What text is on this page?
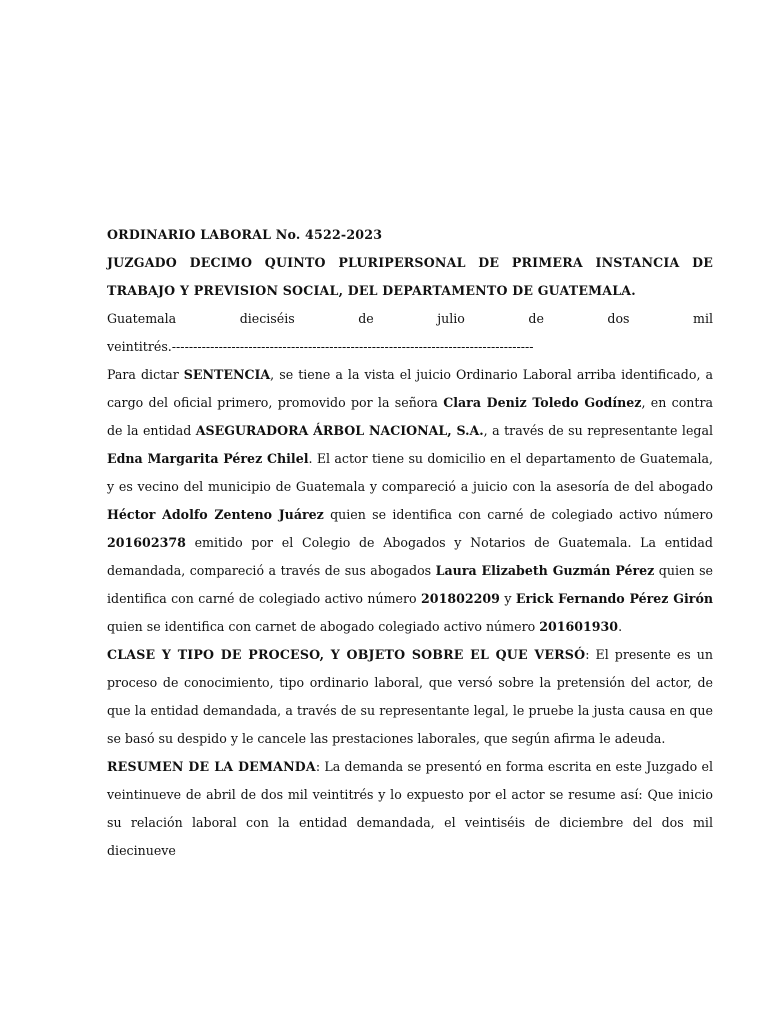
ORDINARIO LABORAL No. 4522-2023

JUZGADO DECIMO QUINTO PLURIPERSONAL DE PRIMERA INSTANCIA DE TRABAJO Y PREVISION SOCIAL, DEL DEPARTAMENTO DE GUATEMALA.

Guatemala	dieciséis	de	julio	de	dos	mil

veintitrés.-------------------------------------------------------------------------------------

Para dictar SENTENCIA, se tiene a la vista el juicio Ordinario Laboral arriba identificado, a cargo del oficial primero, promovido por la señora Clara Deniz Toledo Godínez, en contra de la entidad ASEGURADORA ÁRBOL NACIONAL, S.A., a través de su representante legal Edna Margarita Pérez Chilel. El actor tiene su domicilio en el departamento de Guatemala, y es vecino del municipio de Guatemala y compareció a juicio con la asesoría de del abogado Héctor Adolfo Zenteno Juárez quien se identifica con carné de colegiado activo número 201602378 emitido por el Colegio de Abogados y Notarios de Guatemala. La entidad demandada, compareció a través de sus abogados Laura Elizabeth Guzmán Pérez quien se identifica con carné de colegiado activo número 201802209 y Erick Fernando Pérez Girón quien se identifica con carnet de abogado colegiado activo número 201601930.

CLASE Y TIPO DE PROCESO, Y OBJETO SOBRE EL QUE VERSÓ: El presente es un proceso de conocimiento, tipo ordinario laboral, que versó sobre la pretensión del actor, de que la entidad demandada, a través de su representante legal, le pruebe la justa causa en que se basó su despido y le cancele las prestaciones laborales, que según afirma le adeuda.

RESUMEN DE LA DEMANDA: La demanda se presentó en forma escrita en este Juzgado el veintinueve de abril de dos mil veintitrés y lo expuesto por el actor se resume así: Que inicio su relación laboral con la entidad demandada, el veintiséis de diciembre del dos mil diecinueve
